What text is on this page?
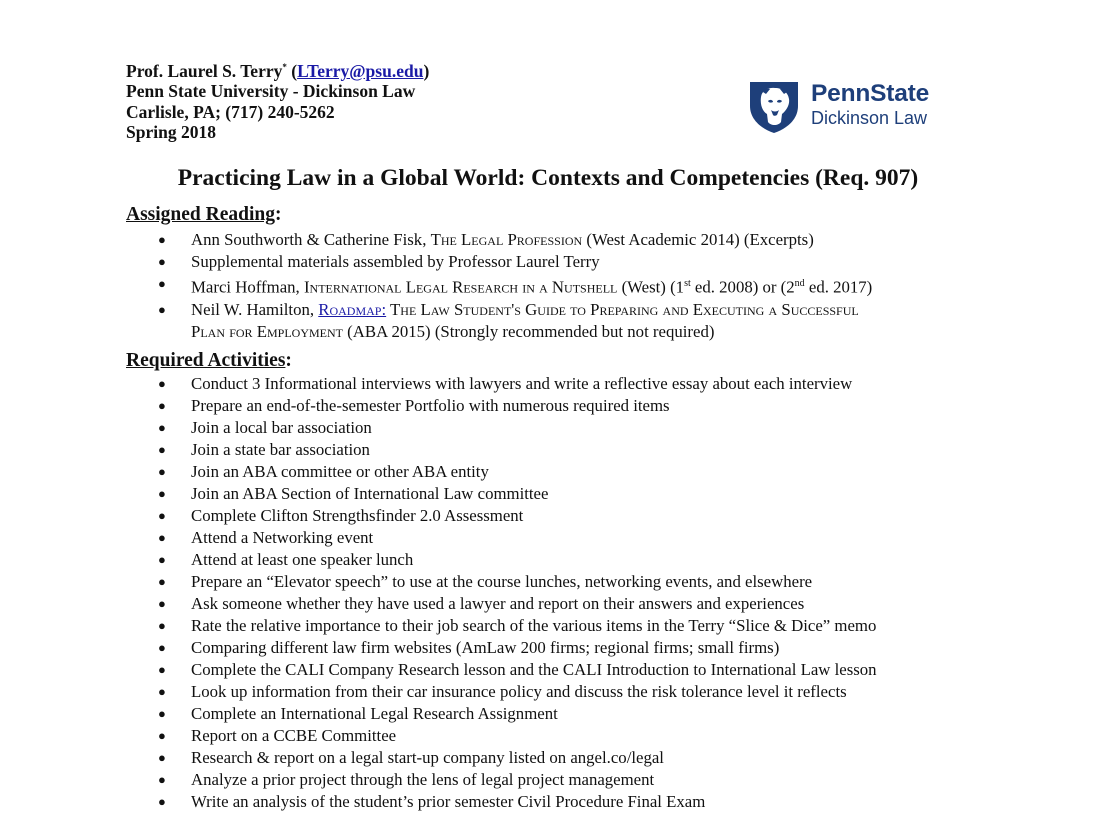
Prof. Laurel S. Terry* (LTerry@psu.edu)
Penn State University - Dickinson Law
Carlisle, PA; (717) 240-5262
Spring 2018
PennState
Dickinson Law
Practicing Law in a Global World: Contexts and Competencies (Req. 907)
Assigned Reading:
● Ann Southworth & Catherine Fisk, The Legal Profession (West Academic 2014) (Excerpts)
● Supplemental materials assembled by Professor Laurel Terry
● Marci Hoffman, International Legal Research in a Nutshell (West) (1st ed. 2008) or (2nd ed. 2017)
● Neil W. Hamilton, Roadmap: The Law Student's Guide to Preparing and Executing a Successful
Plan for Employment (ABA 2015) (Strongly recommended but not required)
Required Activities:
● Conduct 3 Informational interviews with lawyers and write a reflective essay about each interview
● Prepare an end-of-the-semester Portfolio with numerous required items
● Join a local bar association
● Join a state bar association
● Join an ABA committee or other ABA entity
● Join an ABA Section of International Law committee
● Complete Clifton Strengthsfinder 2.0 Assessment
● Attend a Networking event
● Attend at least one speaker lunch
● Prepare an “Elevator speech” to use at the course lunches, networking events, and elsewhere
● Ask someone whether they have used a lawyer and report on their answers and experiences
● Rate the relative importance to their job search of the various items in the Terry “Slice & Dice” memo
● Comparing different law firm websites (AmLaw 200 firms; regional firms; small firms)
● Complete the CALI Company Research lesson and the CALI Introduction to International Law lesson
● Look up information from their car insurance policy and discuss the risk tolerance level it reflects
● Complete an International Legal Research Assignment
● Report on a CCBE Committee
● Research & report on a legal start-up company listed on angel.co/legal
● Analyze a prior project through the lens of legal project management
● Write an analysis of the student’s prior semester Civil Procedure Final Exam
